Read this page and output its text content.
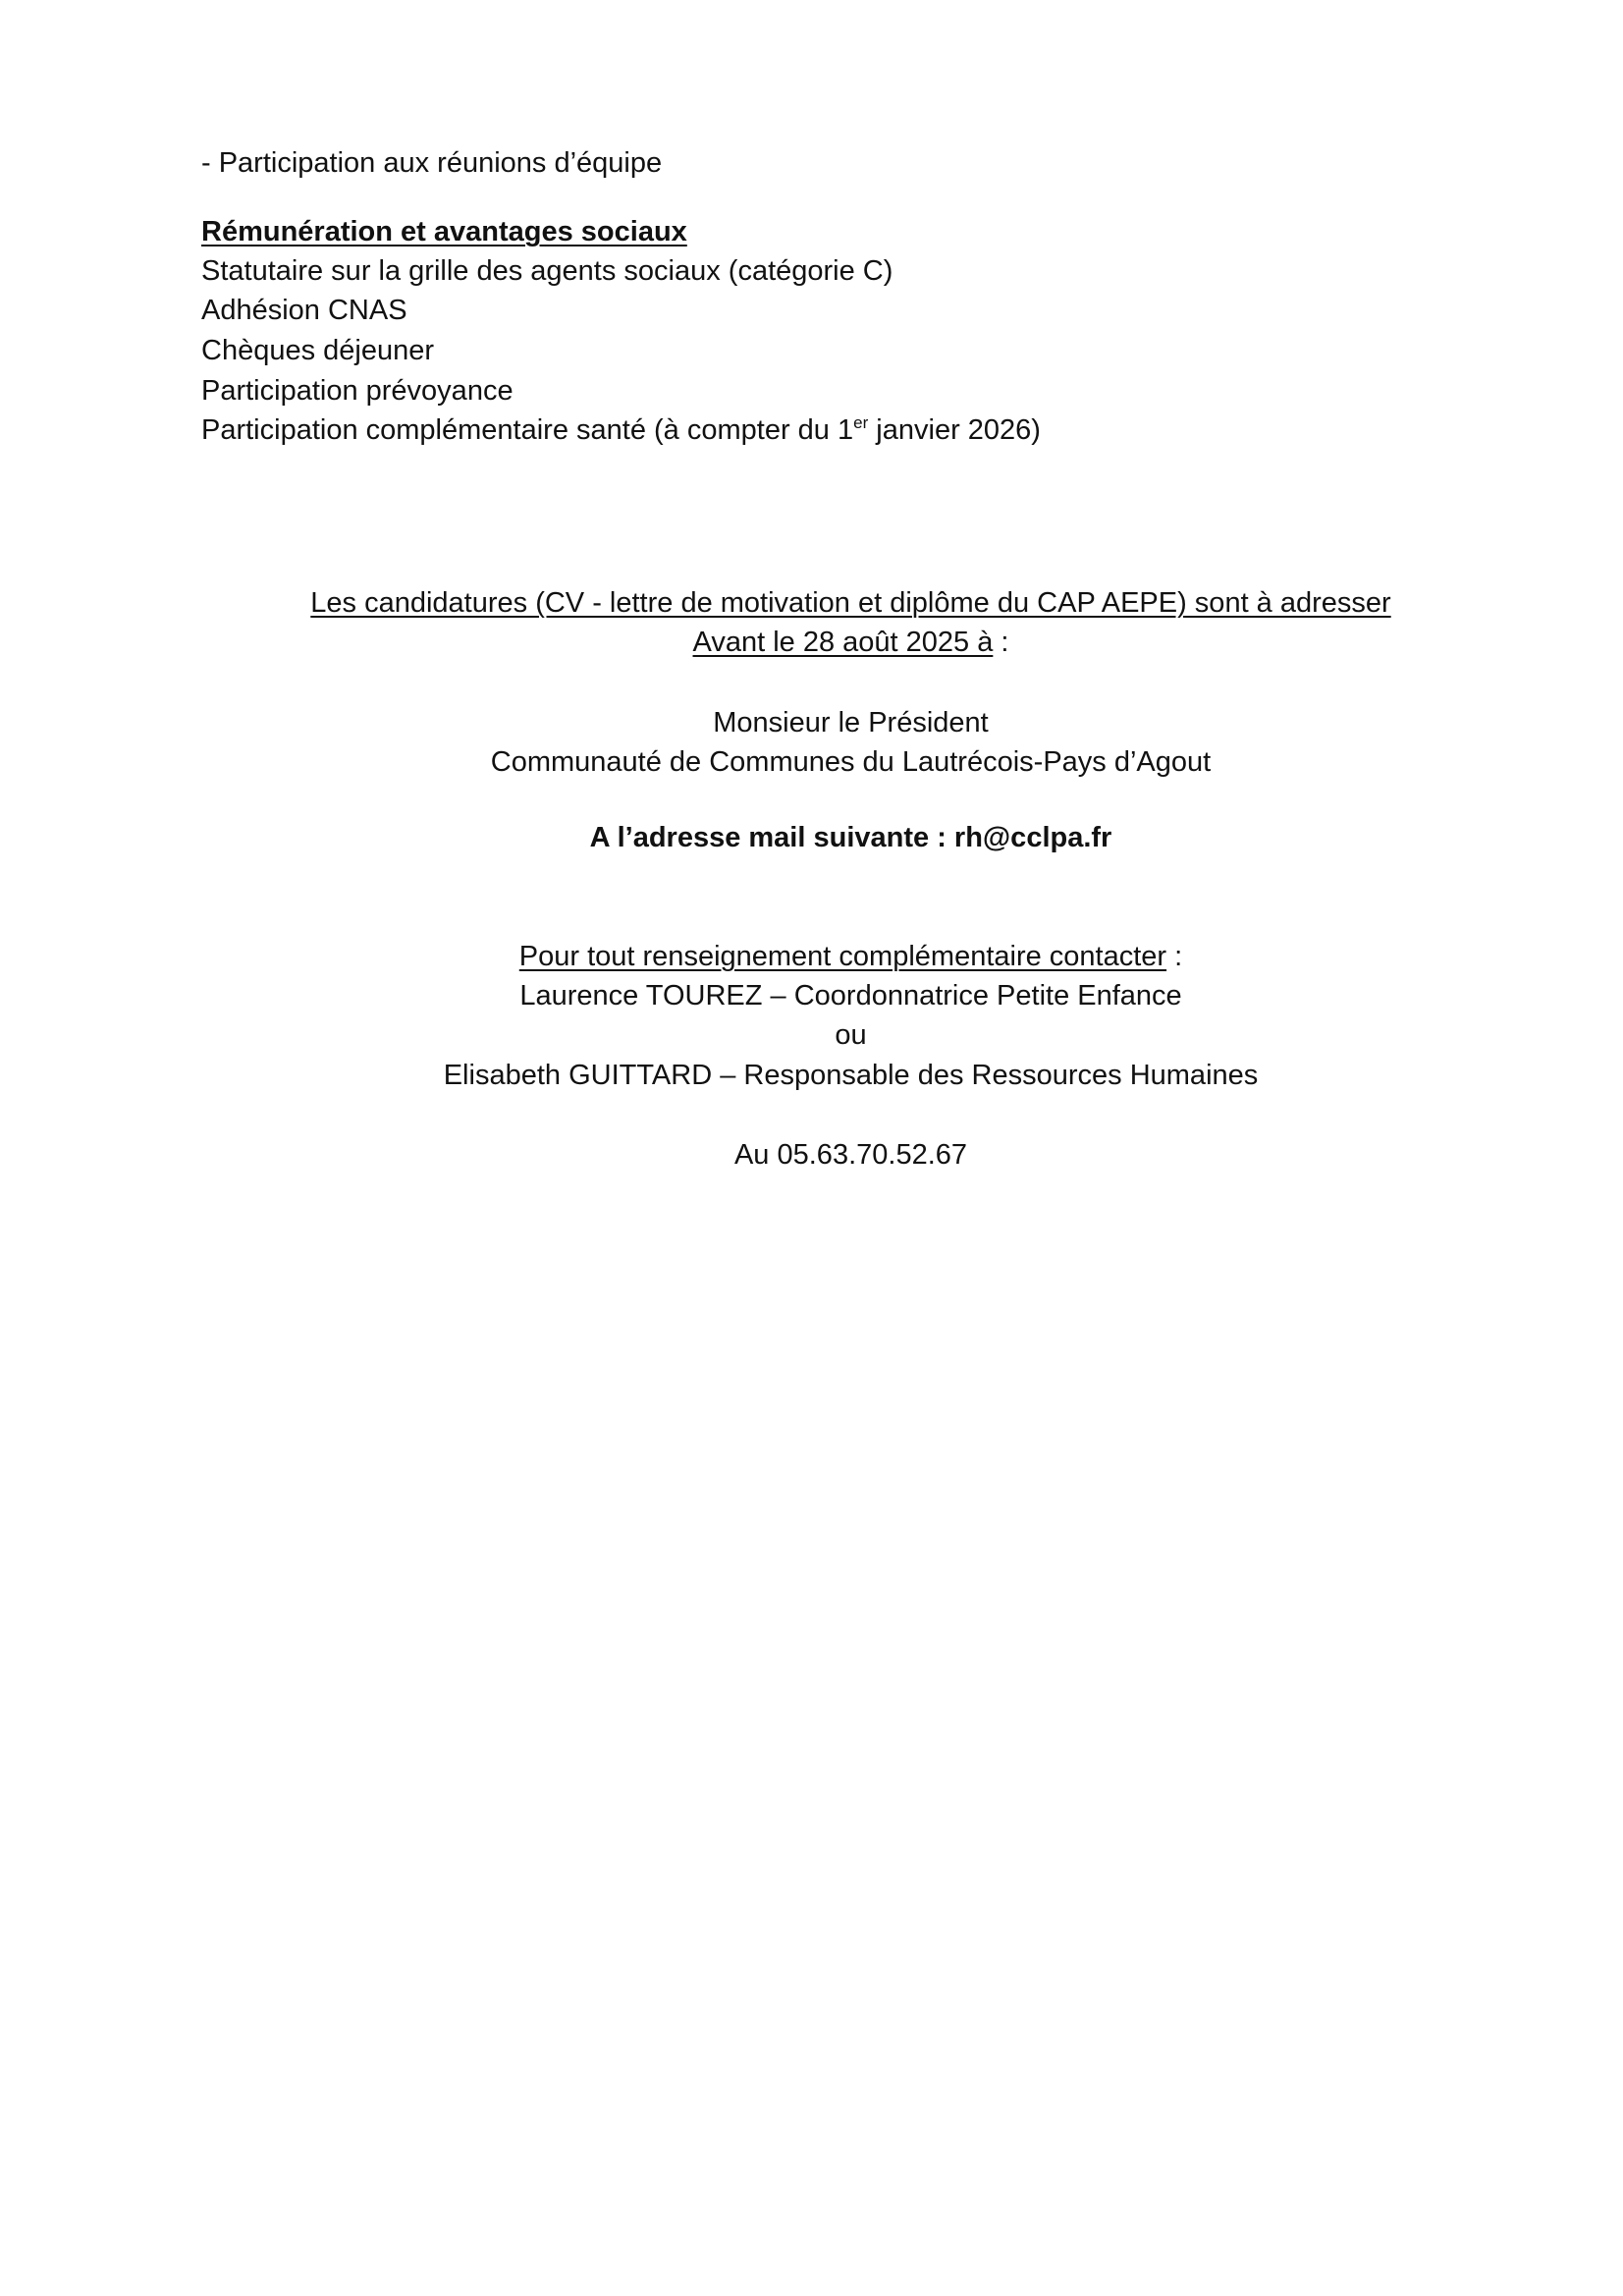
- Participation aux réunions d’équipe
Rémunération et avantages sociaux
Statutaire sur la grille des agents sociaux (catégorie C)
Adhésion CNAS
Chèques déjeuner
Participation prévoyance
Participation complémentaire santé (à compter du 1er janvier 2026)
Les candidatures (CV - lettre de motivation et diplôme du CAP AEPE) sont à adresser
Avant le 28 août 2025 à :
Monsieur le Président
Communauté de Communes du Lautrécois-Pays d’Agout
A l’adresse mail suivante : rh@cclpa.fr
Pour tout renseignement complémentaire contacter :
Laurence TOUREZ – Coordonnatrice Petite Enfance
ou
Elisabeth GUITTARD – Responsable des Ressources Humaines
Au 05.63.70.52.67
